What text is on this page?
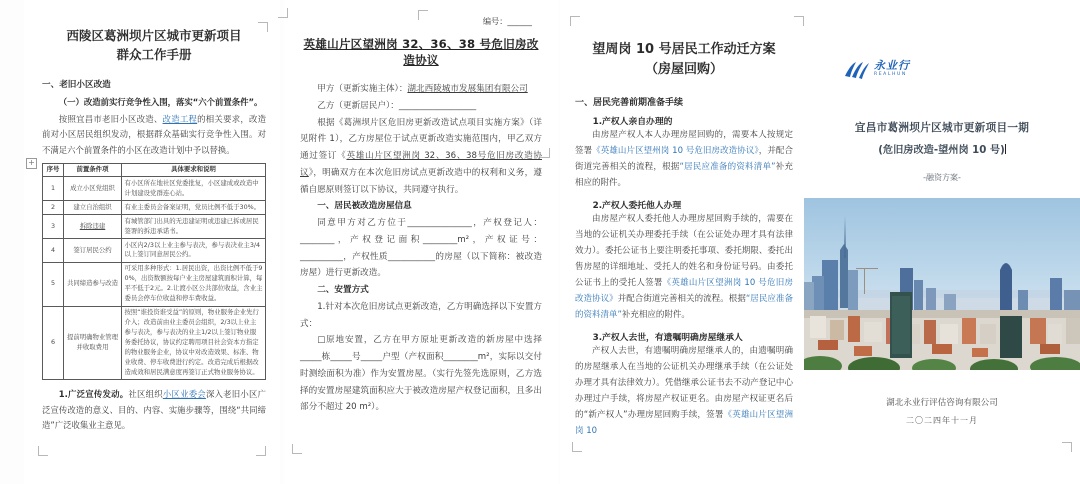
西陵区葛洲坝片区城市更新项目
群众工作手册
一、老旧小区改造
（一）改造前实行竞争性入围，落实“六个前置条件”。
按照宜昌市老旧小区改造、改造工程的相关要求，改造前对小区居民组织发动，根据群众基础实行竞争性入围。对不满足六个前置条件的小区在改造计划中予以替换。
序号	前置条件项	具体要求和说明
1	成立小区党组织	有小区所在地社区党委批复，小区建成或改造中计划建设党群连心站。
2	建立自治组织	有业主委员会备案证明，党员比例不低于30%。
3	拆除违建	有城管部门出具的无违建证明或违建已拆或居民签署的拆违承诺书。
4	签订居民公约	小区内2/3以上业主参与表决，参与表决业主3/4以上签订同意居民公约。
5	共同缔造参与改造	可采用多种形式：1.居民出资，出资比例不低于90%，出资数额按每户业主房屋建筑面积计算，每平不低于2元。2.让渡小区公共部位收益，含业主委员会停车位收益和停车费收益。
6	提前明确物业管理并收取费用	按照“谁投资谁受益”的原则，物业服务企业先行介入；改造前由业主委员会组织，2/3以上业主参与表决，参与表决的业主1/2以上签订物业服务委托协议，协议约定聘用项目社会资本方指定的物业服务企业，协议中对改造效果、标准、物业收费、停车收费进行约定。改造完成后根据改造成效和居民满意度再签订正式物业服务协议。
1.广泛宣传发动。社区组织小区业委会深入老旧小区广泛宣传改造的意义、目的、内容、实施步骤等，围绕“共同缔造”广泛收集业主意见。
+
编号：______
英雄山片区望洲岗 32、36、38 号危旧房改造协议

甲方（更新实施主体）：湖北西陵城市发展集团有限公司

乙方（更新居民户）：__________________

根据《葛洲坝片区危旧房更新改造试点项目实施方案》（详见附件 1），乙方房屋位于试点更新改造实施范围内，甲乙双方通过签订《英雄山片区望洲岗 32、36、38号危旧房改造协议》，明确双方在本次危旧房试点更新改造中的权利和义务，遵循自愿原则签订以下协议，共同遵守执行。

一、居民被改造房屋信息

同意甲方对乙方位于_______________，产权登记人：________，产权登记面积________m²，产权证号：__________，产权性质___________的房屋（以下简称：被改造房屋）进行更新改造。

二、安置方式

1.针对本次危旧房试点更新改造，乙方明确选择以下安置方式：

□原地安置，乙方在甲方原址更新改造的新房屋中选择_____栋_____号_____户型（产权面积________m²，实际以交付时测绘面积为准）作为安置房屋。（实行先签先选原则，乙方选择的安置房屋建筑面积应大于被改造房屋产权登记面积，且多出部分不超过 20 m²）。

望周岗 10 号居民工作动迁方案
（房屋回购）
一、居民完善前期准备手续
1.产权人亲自办理的

由房屋产权人本人办理房屋回购的，需要本人按规定签署《英雄山片区望州岗 10 号危旧房改造协议》，并配合街道完善相关的流程，根据“居民应准备的资料清单”补充相应的附件。

2.产权人委托他人办理

由房屋产权人委托他人办理房屋回购手续的，需要在当地的公证机关办理委托手续（在公证处办理才具有法律效力）。委托公证书上要注明委托事项、委托期限、委托出售房屋的详细地址、受托人的姓名和身份证号码。由委托公证书上的受托人签署《英雄山片区望洲岗 10 号危旧房改造协议》并配合街道完善相关的流程。根据“居民应准备的资料清单”补充相应的附件。

3.产权人去世，有遗嘱明确房屋继承人

产权人去世，有遗嘱明确房屋继承人的，由遗嘱明确的房屋继承人在当地的公证机关办理继承手续（在公证处办理才具有法律效力）。凭借继承公证书去不动产登记中心办理过户手续，将房屋产权证更名。由房屋产权证更名后的“新产权人”办理房屋回购手续，签署《英雄山片区望洲岗 10

永业行
REALHUN
宜昌市葛洲坝片区城市更新项目一期
(危旧房改造-望州岗 10 号)
-融资方案-
湖北永业行评估咨询有限公司
二〇二四年十一月
